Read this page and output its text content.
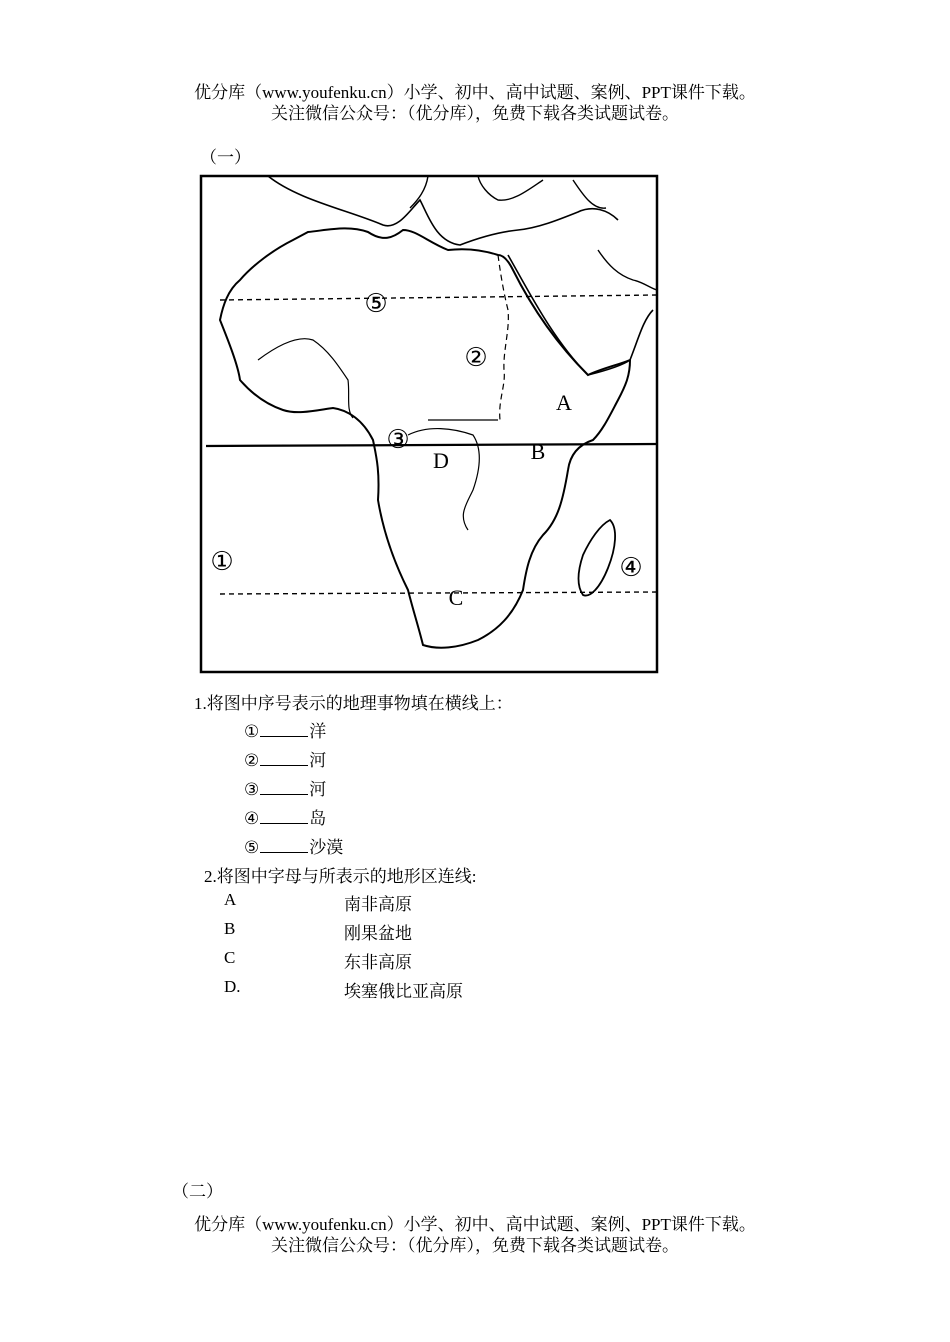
优分库（www.youfenku.cn）小学、初中、高中试题、案例、PPT课件下载。
关注微信公众号：（优分库），免费下载各类试题试卷。
（一）
⑤
②
③
①	④
A
B
C
D
1.将图中序号表示的地理事物填在横线上：
①	洋
②	河
③	河
④	岛
⑤	沙漠
2.将图中字母与所表示的地形区连线:
A	南非高原
B	刚果盆地
C	东非高原
D.	埃塞俄比亚高原
（二）
优分库（www.youfenku.cn）小学、初中、高中试题、案例、PPT课件下载。
关注微信公众号：（优分库），免费下载各类试题试卷。
